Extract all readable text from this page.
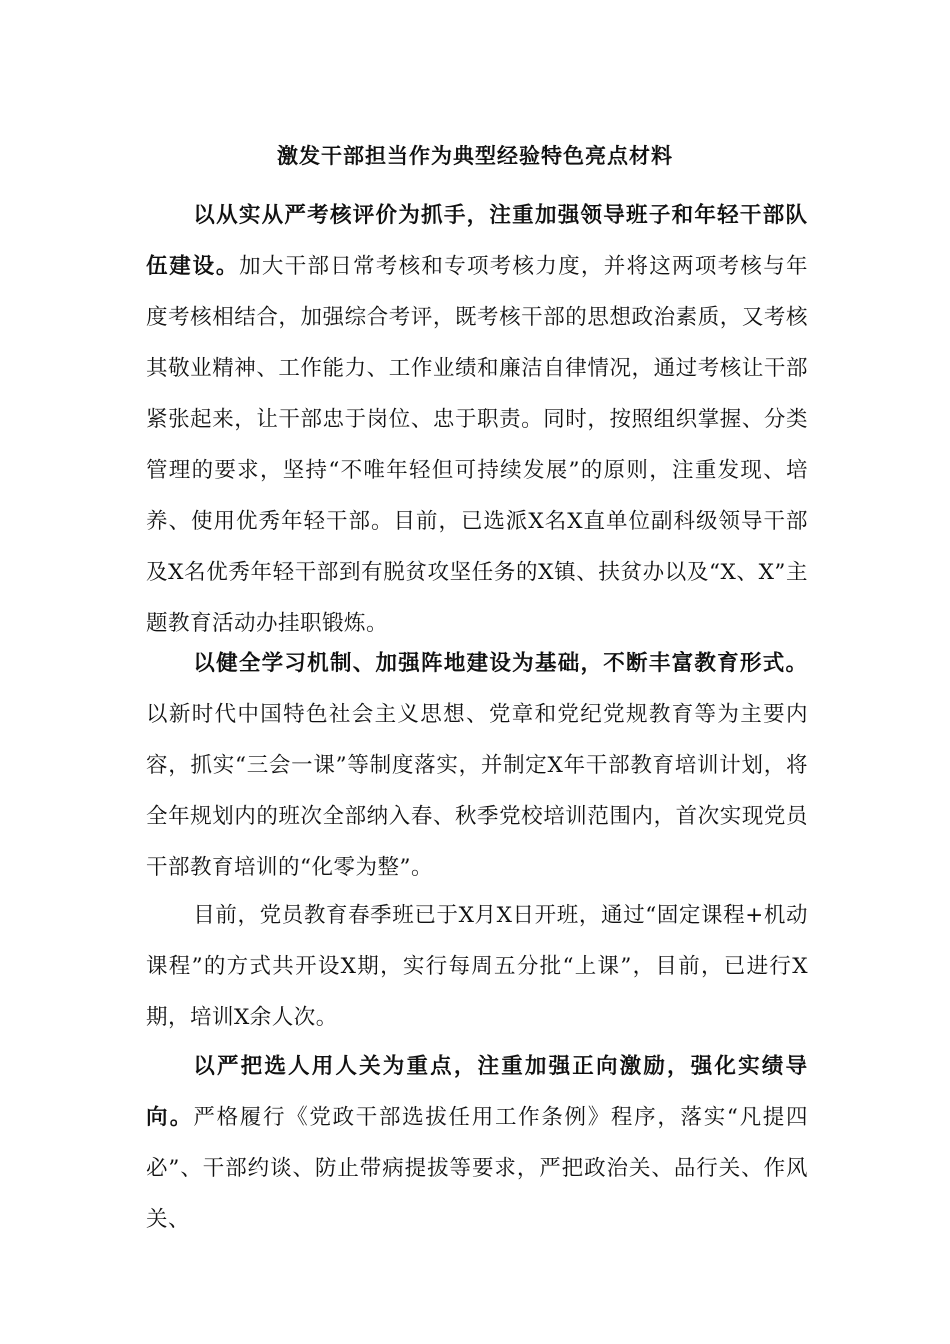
激发干部担当作为典型经验特色亮点材料

以从实从严考核评价为抓手，注重加强领导班子和年轻干部队伍建设。加大干部日常考核和专项考核力度，并将这两项考核与年度考核相结合，加强综合考评，既考核干部的思想政治素质，又考核其敬业精神、工作能力、工作业绩和廉洁自律情况，通过考核让干部紧张起来，让干部忠于岗位、忠于职责。同时，按照组织掌握、分类管理的要求，坚持“不唯年轻但可持续发展”的原则，注重发现、培养、使用优秀年轻干部。目前，已选派X名X直单位副科级领导干部及X名优秀年轻干部到有脱贫攻坚任务的X镇、扶贫办以及“X、X”主题教育活动办挂职锻炼。

以健全学习机制、加强阵地建设为基础，不断丰富教育形式。以新时代中国特色社会主义思想、党章和党纪党规教育等为主要内容，抓实“三会一课”等制度落实，并制定X年干部教育培训计划，将全年规划内的班次全部纳入春、秋季党校培训范围内，首次实现党员干部教育培训的“化零为整”。

目前，党员教育春季班已于X月X日开班，通过“固定课程+机动课程”的方式共开设X期，实行每周五分批“上课”，目前，已进行X期，培训X余人次。

以严把选人用人关为重点，注重加强正向激励，强化实绩导向。严格履行《党政干部选拔任用工作条例》程序，落实“凡提四必”、干部约谈、防止带病提拔等要求，严把政治关、品行关、作风关、
